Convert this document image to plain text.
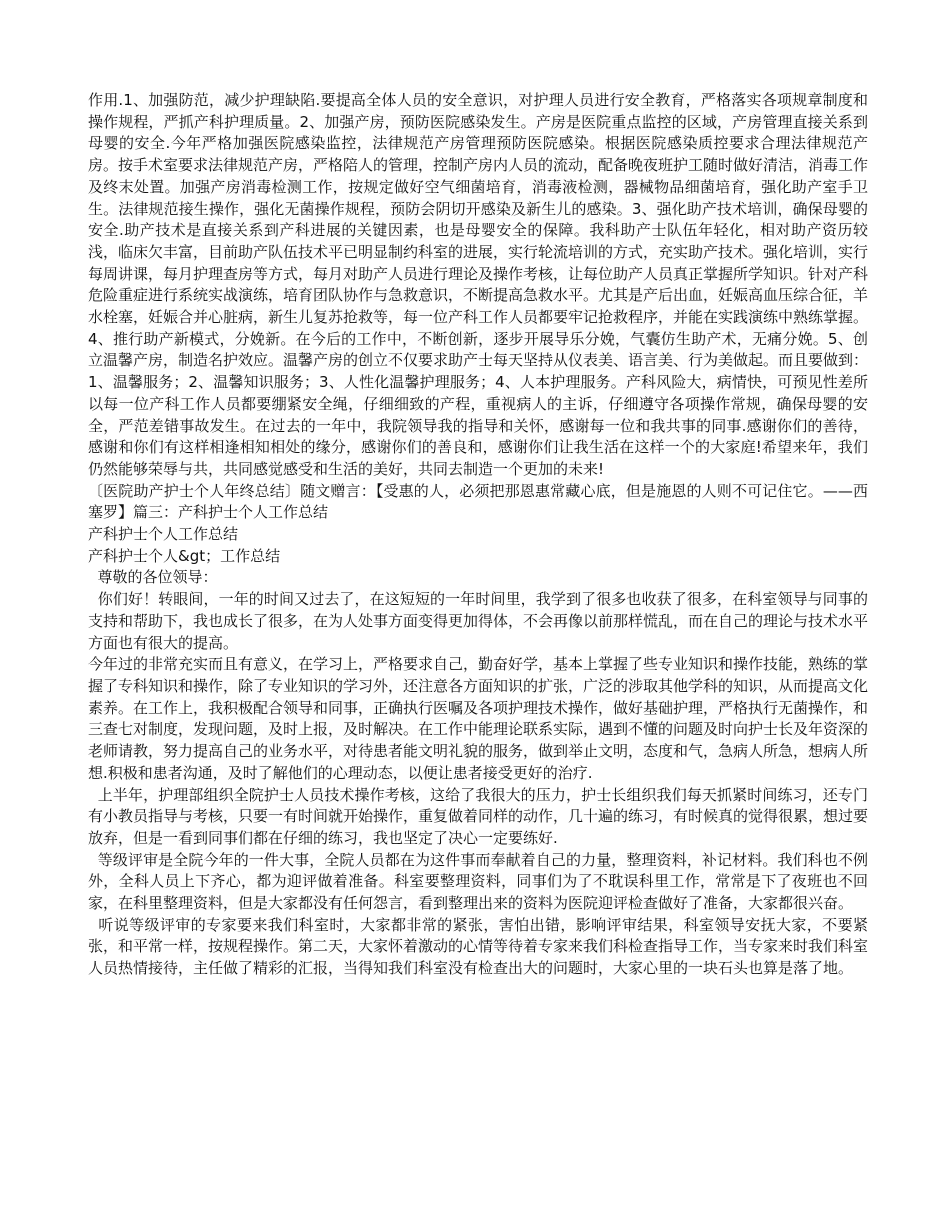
作用.1、加强防范，减少护理缺陷.要提高全体人员的安全意识，对护理人员进行安全教育，严格落实各项规章制度和操作规程，严抓产科护理质量。2、加强产房，预防医院感染发生。产房是医院重点监控的区域，产房管理直接关系到母婴的安全.今年严格加强医院感染监控，法律规范产房管理预防医院感染。根据医院感染质控要求合理法律规范产房。按手术室要求法律规范产房，严格陪人的管理，控制产房内人员的流动，配备晚夜班护工随时做好清洁，消毒工作及终末处置。加强产房消毒检测工作，按规定做好空气细菌培育，消毒液检测，器械物品细菌培育，强化助产室手卫生。法律规范接生操作，强化无菌操作规程，预防会阴切开感染及新生儿的感染。3、强化助产技术培训，确保母婴的安全.助产技术是直接关系到产科进展的关键因素，也是母婴安全的保障。我科助产士队伍年轻化，相对助产资历较浅，临床欠丰富，目前助产队伍技术平已明显制约科室的进展，实行轮流培训的方式，充实助产技术。强化培训，实行每周讲课，每月护理查房等方式，每月对助产人员进行理论及操作考核，让每位助产人员真正掌握所学知识。针对产科危险重症进行系统实战演练，培育团队协作与急救意识，不断提高急救水平。尤其是产后出血，妊娠高血压综合征，羊水栓塞，妊娠合并心脏病，新生儿复苏抢救等，每一位产科工作人员都要牢记抢救程序，并能在实践演练中熟练掌握。4、推行助产新模式，分娩新。在今后的工作中，不断创新，逐步开展导乐分娩，气囊仿生助产术，无痛分娩。5、创立温馨产房，制造名护效应。温馨产房的创立不仅要求助产士每天坚持从仪表美、语言美、行为美做起。而且要做到：1、温馨服务；2、温馨知识服务；3、人性化温馨护理服务；4、人本护理服务。产科风险大，病情快，可预见性差所以每一位产科工作人员都要绷紧安全绳，仔细细致的产程，重视病人的主诉，仔细遵守各项操作常规，确保母婴的安全，严范差错事故发生。在过去的一年中，我院领导我的指导和关怀，感谢每一位和我共事的同事.感谢你们的善待，感谢和你们有这样相逢相知相处的缘分，感谢你们的善良和，感谢你们让我生活在这样一个的大家庭!希望来年，我们仍然能够荣辱与共，共同感觉感受和生活的美好，共同去制造一个更加的未来!

〔医院助产护士个人年终总结〕随文赠言：【受惠的人，必须把那恩惠常藏心底，但是施恩的人则不可记住它。——西塞罗】篇三：产科护士个人工作总结

产科护士个人工作总结

产科护士个人&gt；工作总结

尊敬的各位领导：

你们好！转眼间，一年的时间又过去了，在这短短的一年时间里，我学到了很多也收获了很多，在科室领导与同事的支持和帮助下，我也成长了很多，在为人处事方面变得更加得体，不会再像以前那样慌乱，而在自己的理论与技术水平方面也有很大的提高。

今年过的非常充实而且有意义，在学习上，严格要求自己，勤奋好学，基本上掌握了些专业知识和操作技能，熟练的掌握了专科知识和操作，除了专业知识的学习外，还注意各方面知识的扩张，广泛的涉取其他学科的知识，从而提高文化素养。在工作上，我积极配合领导和同事，正确执行医嘱及各项护理技术操作，做好基础护理，严格执行无菌操作，和三查七对制度，发现问题，及时上报，及时解决。在工作中能理论联系实际，遇到不懂的问题及时向护士长及年资深的老师请教，努力提高自己的业务水平，对待患者能文明礼貌的服务，做到举止文明，态度和气，急病人所急，想病人所想.积极和患者沟通，及时了解他们的心理动态，以便让患者接受更好的治疗.

上半年，护理部组织全院护士人员技术操作考核，这给了我很大的压力，护士长组织我们每天抓紧时间练习，还专门有小教员指导与考核，只要一有时间就开始操作，重复做着同样的动作，几十遍的练习，有时候真的觉得很累，想过要放弃，但是一看到同事们都在仔细的练习，我也坚定了决心一定要练好.

等级评审是全院今年的一件大事，全院人员都在为这件事而奉献着自己的力量，整理资料，补记材料。我们科也不例外，全科人员上下齐心，都为迎评做着准备。科室要整理资料，同事们为了不耽误科里工作，常常是下了夜班也不回家，在科里整理资料，但是大家都没有任何怨言，看到整理出来的资料为医院迎评检查做好了准备，大家都很兴奋。

听说等级评审的专家要来我们科室时，大家都非常的紧张，害怕出错，影响评审结果，科室领导安抚大家，不要紧张，和平常一样，按规程操作。第二天，大家怀着激动的心情等待着专家来我们科检查指导工作，当专家来时我们科室人员热情接待，主任做了精彩的汇报，当得知我们科室没有检查出大的问题时，大家心里的一块石头也算是落了地。
